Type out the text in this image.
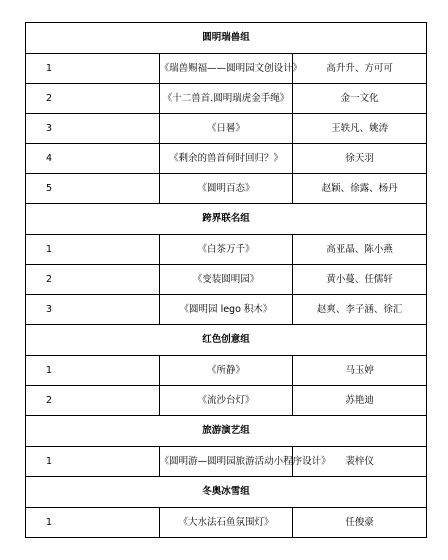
圆明瑞兽组		
1	《瑞兽赐福——圆明园文创设计》	高升升、方可可
2	《十二兽首.圆明瑞虎金手绳》	金一文化
3	《日晷》	王轶凡、姚涛
4	《剩余的兽首何时回归？》	徐天羽
5	《圆明百态》	赵颖、徐露、杨丹
跨界联名组		
1	《白茶万千》	高亚晶、陈小燕
2	《变装圆明园》	黄小蔓、任儒轩
3	《圆明园 lego 积木》	赵爽、李子涵、徐汇
红色创意组		
1	《所静》	马玉婷
2	《流沙台灯》	苏艳迪
旅游演艺组		
1	《圆明游—圆明园旅游活动小程序设计》	裴梓仪
冬奥冰雪组		
1	《大水法石鱼氛围灯》	任俊豪
